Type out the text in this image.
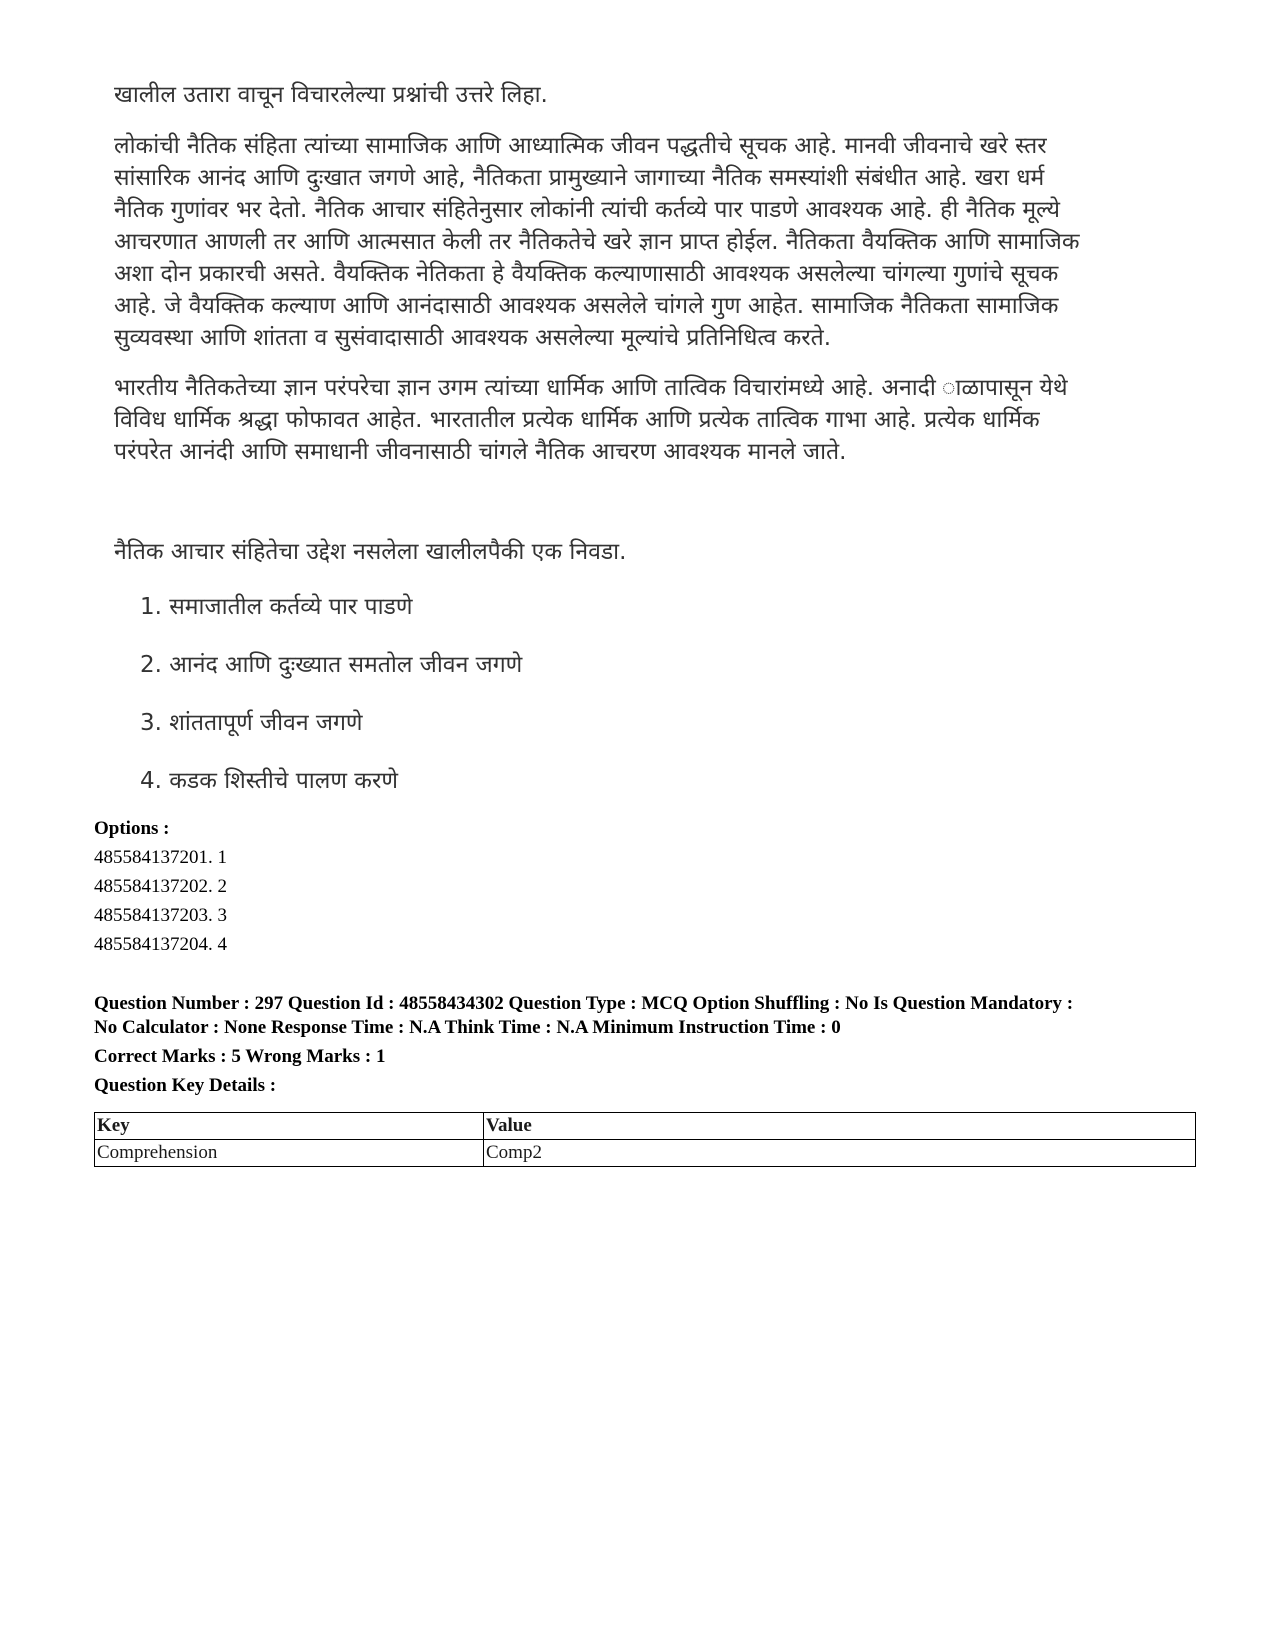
खालील उतारा वाचून विचारलेल्या प्रश्नांची उत्तरे लिहा.

लोकांची नैतिक संहिता त्यांच्या सामाजिक आणि आध्यात्मिक जीवन पद्धतीचे सूचक आहे. मानवी जीवनाचे खरे स्तर
सांसारिक आनंद आणि दुःखात जगणे आहे, नैतिकता प्रामुख्याने जागाच्या नैतिक समस्यांशी संबंधीत आहे. खरा धर्म
नैतिक गुणांवर भर देतो. नैतिक आचार संहितेनुसार लोकांनी त्यांची कर्तव्ये पार पाडणे आवश्यक आहे. ही नैतिक मूल्ये
आचरणात आणली तर आणि आत्मसात केली तर नैतिकतेचे खरे ज्ञान प्राप्त होईल. नैतिकता वैयक्तिक आणि सामाजिक
अशा दोन प्रकारची असते. वैयक्तिक नेतिकता हे वैयक्तिक कल्याणासाठी आवश्यक असलेल्या चांगल्या गुणांचे सूचक
आहे. जे वैयक्तिक कल्याण आणि आनंदासाठी आवश्यक असलेले चांगले गुण आहेत. सामाजिक नैतिकता सामाजिक
सुव्यवस्था आणि शांतता व सुसंवादासाठी आवश्यक असलेल्या मूल्यांचे प्रतिनिधित्व करते.

भारतीय नैतिकतेच्या ज्ञान परंपरेचा ज्ञान उगम त्यांच्या धार्मिक आणि तात्विक विचारांमध्ये आहे. अनादी ाळापासून येथे
विविध धार्मिक श्रद्धा फोफावत आहेत. भारतातील प्रत्येक धार्मिक आणि प्रत्येक तात्विक गाभा आहे. प्रत्येक धार्मिक
परंपरेत आनंदी आणि समाधानी जीवनासाठी चांगले नैतिक आचरण आवश्यक मानले जाते.

नैतिक आचार संहितेचा उद्देश नसलेला खालीलपैकी एक निवडा.
1. समाजातील कर्तव्ये पार पाडणे
2. आनंद आणि दुःख्यात समतोल जीवन जगणे
3. शांततापूर्ण जीवन जगणे
4. कडक शिस्तीचे पालण करणे
Options :
485584137201. 1
485584137202. 2
485584137203. 3
485584137204. 4
Question Number : 297 Question Id : 48558434302 Question Type : MCQ Option Shuffling : No Is Question Mandatory :
No Calculator : None Response Time : N.A Think Time : N.A Minimum Instruction Time : 0
Correct Marks : 5 Wrong Marks : 1
Question Key Details :
Key	Value
Comprehension	Comp2
